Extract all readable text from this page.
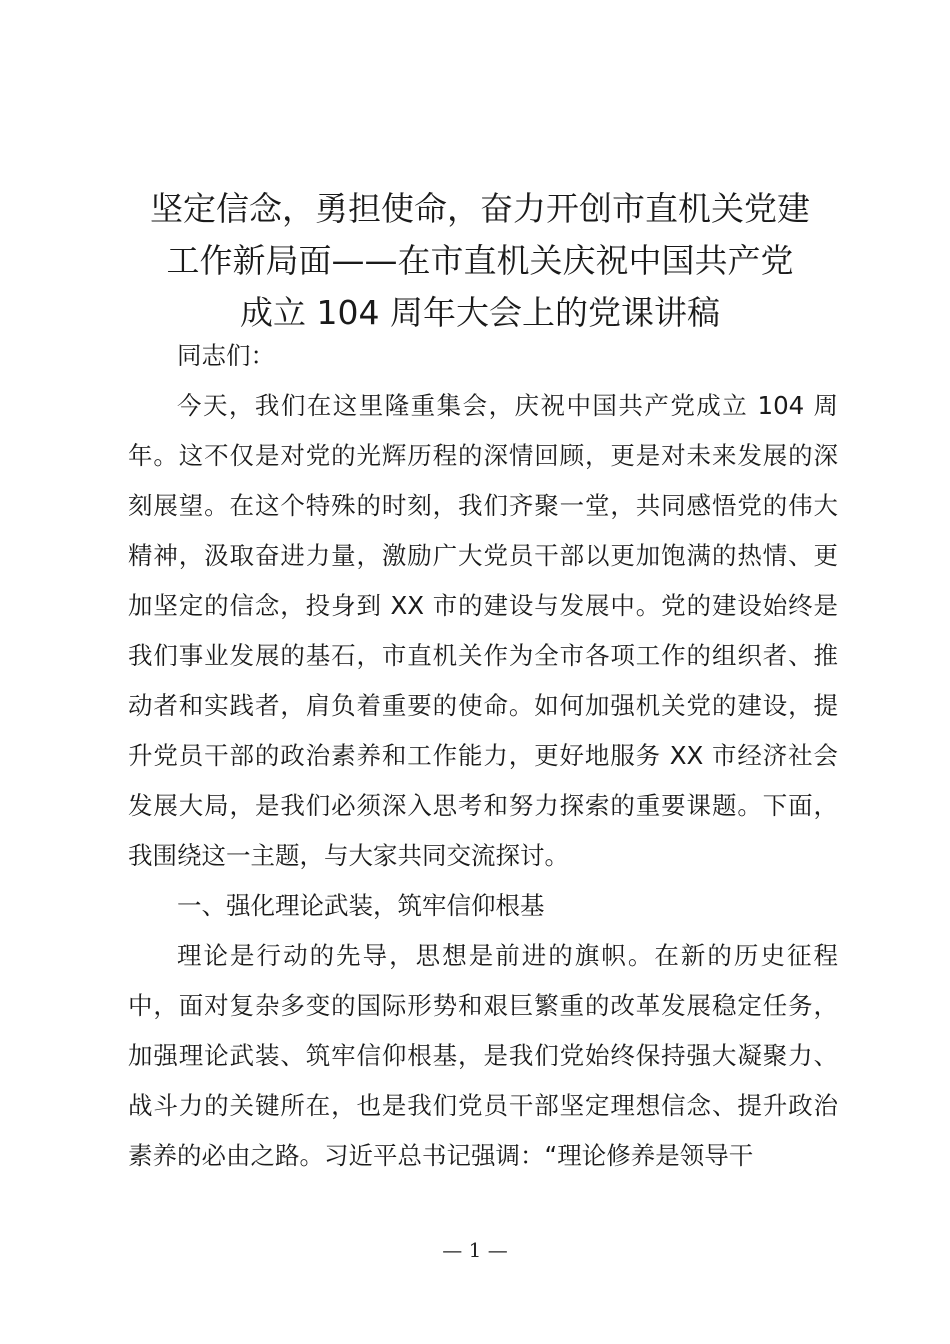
坚定信念，勇担使命，奋力开创市直机关党建
工作新局面——在市直机关庆祝中国共产党
成立 104 周年大会上的党课讲稿

同志们：

今天，我们在这里隆重集会，庆祝中国共产党成立 104 周年。这不仅是对党的光辉历程的深情回顾，更是对未来发展的深刻展望。在这个特殊的时刻，我们齐聚一堂，共同感悟党的伟大精神，汲取奋进力量，激励广大党员干部以更加饱满的热情、更加坚定的信念，投身到 XX 市的建设与发展中。党的建设始终是我们事业发展的基石，市直机关作为全市各项工作的组织者、推动者和实践者，肩负着重要的使命。如何加强机关党的建设，提升党员干部的政治素养和工作能力，更好地服务 XX 市经济社会发展大局，是我们必须深入思考和努力探索的重要课题。下面，我围绕这一主题，与大家共同交流探讨。

一、强化理论武装，筑牢信仰根基

理论是行动的先导，思想是前进的旗帜。在新的历史征程中，面对复杂多变的国际形势和艰巨繁重的改革发展稳定任务，加强理论武装、筑牢信仰根基，是我们党始终保持强大凝聚力、战斗力的关键所在，也是我们党员干部坚定理想信念、提升政治素养的必由之路。习近平总书记强调：“理论修养是领导干

— 1 —
